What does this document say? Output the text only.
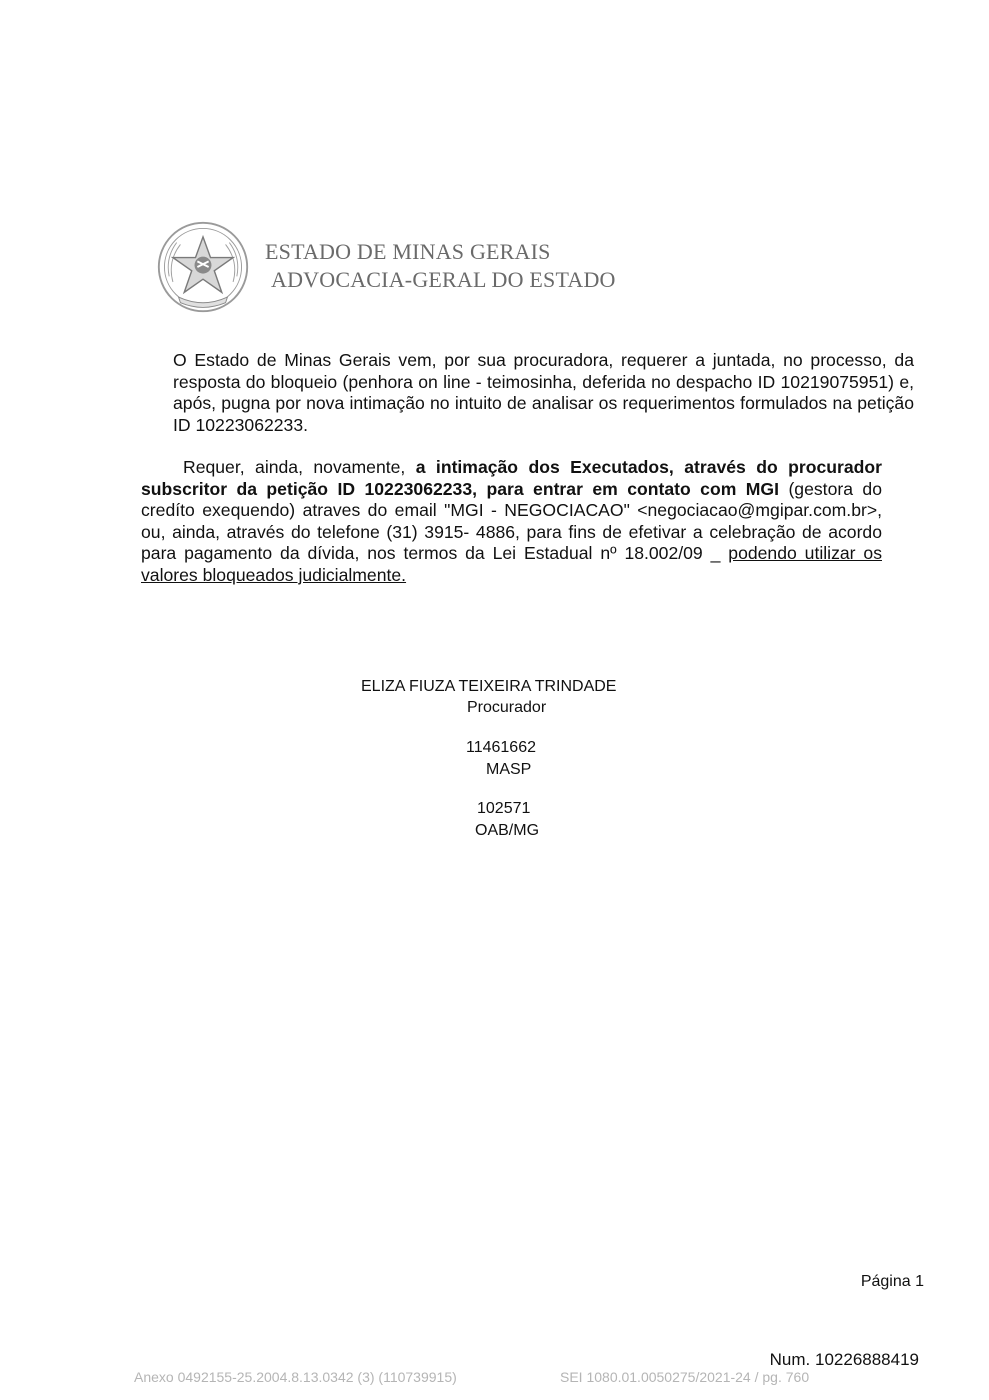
ESTADO DE MINAS GERAIS
ADVOCACIA-GERAL DO ESTADO
O Estado de Minas Gerais vem, por sua procuradora, requerer a juntada, no processo, da resposta do bloqueio (penhora on line - teimosinha, deferida no despacho ID 10219075951) e, após, pugna por nova intimação no intuito de analisar os requerimentos formulados na petição ID 10223062233.
Requer, ainda, novamente, a intimação dos Executados, através do procurador subscritor da petição ID 10223062233, para entrar em contato com MGI (gestora do credíto exequendo) atraves do email "MGI - NEGOCIACAO" <negociacao@mgipar.com.br>, ou, ainda, através do telefone (31) 3915- 4886, para fins de efetivar a celebração de acordo para pagamento da dívida, nos termos da Lei Estadual nº 18.002/09 _ podendo utilizar os valores bloqueados judicialmente.
ELIZA FIUZA TEIXEIRA TRINDADE
Procurador
11461662
MASP
102571
OAB/MG
Página 1
Num. 10226888419
Anexo 0492155-25.2004.8.13.0342 (3) (110739915)	SEI 1080.01.0050275/2021-24 / pg. 760
